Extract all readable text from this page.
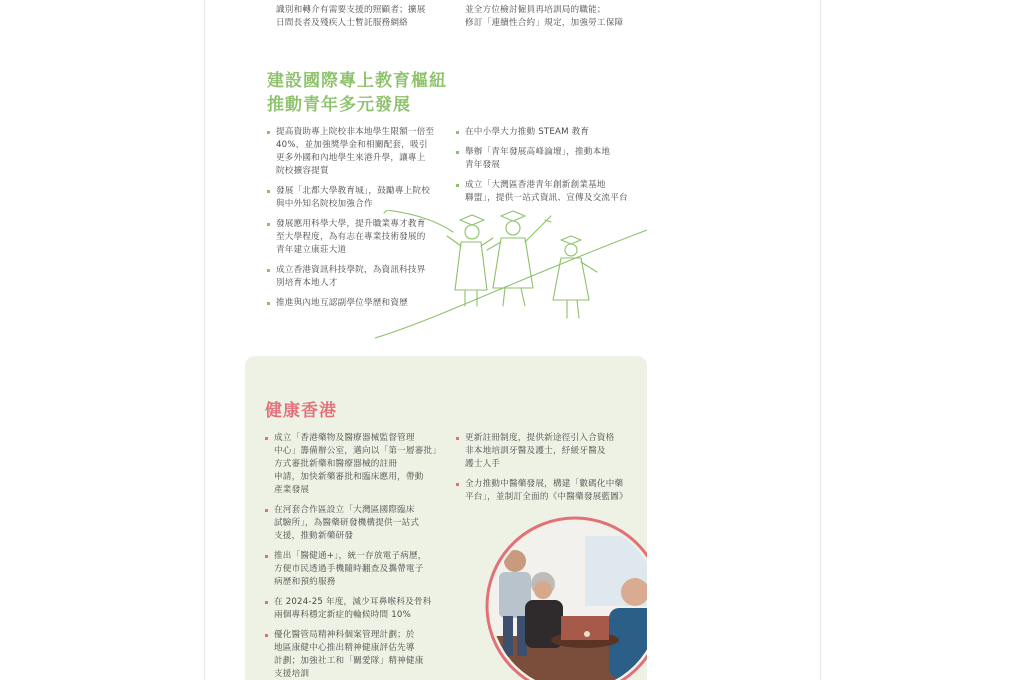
識別和轉介有需要支援的照顧者；擴展

日間長者及殘疾人士暫託服務網絡

並全方位檢討僱員再培訓局的職能；

修訂「連續性合約」規定，加強勞工保障

建設國際專上教育樞紐
推動青年多元發展

提高資助專上院校非本地學生限額一倍至

40%，並加強獎學金和相關配套，吸引

更多外國和內地學生來港升學，讓專上

院校擴容提質

發展「北都大學教育城」，鼓勵專上院校

與中外知名院校加強合作

發展應用科學大學，提升職業專才教育

至大學程度，為有志在專業技術發展的

青年建立康莊大道

成立香港資訊科技學院，為資訊科技界

別培育本地人才

推進與內地互認副學位學歷和資歷

在中小學大力推動 STEAM 教育

舉辦「青年發展高峰論壇」，推動本地

青年發展

成立「大灣區香港青年創新創業基地

聯盟」，提供一站式資訊、宣傳及交流平台

健康香港

成立「香港藥物及醫療器械監督管理

中心」籌備辦公室，邁向以「第一層審批」

方式審批新藥和醫療器械的註冊

申請，加快新藥審批和臨床應用，帶動

產業發展

在河套合作區設立「大灣區國際臨床

試驗所」，為醫藥研發機構提供一站式

支援，推動新藥研發

推出「醫健通+」，統一存放電子病歷，

方便市民透過手機隨時翻查及攜帶電子

病歷和預約服務

在 2024-25 年度，減少耳鼻喉科及骨科

兩個專科穩定新症的輪候時間 10%

優化醫管局精神科個案管理計劃；於

地區康健中心推出精神健康評估先導

計劃；加強社工和「關愛隊」精神健康

支援培訓

更新註冊制度，提供新途徑引入合資格

非本地培訓牙醫及護士，紓緩牙醫及

護士人手

全力推動中醫藥發展，構建「數碼化中藥

平台」，並制訂全面的《中醫藥發展藍圖》
